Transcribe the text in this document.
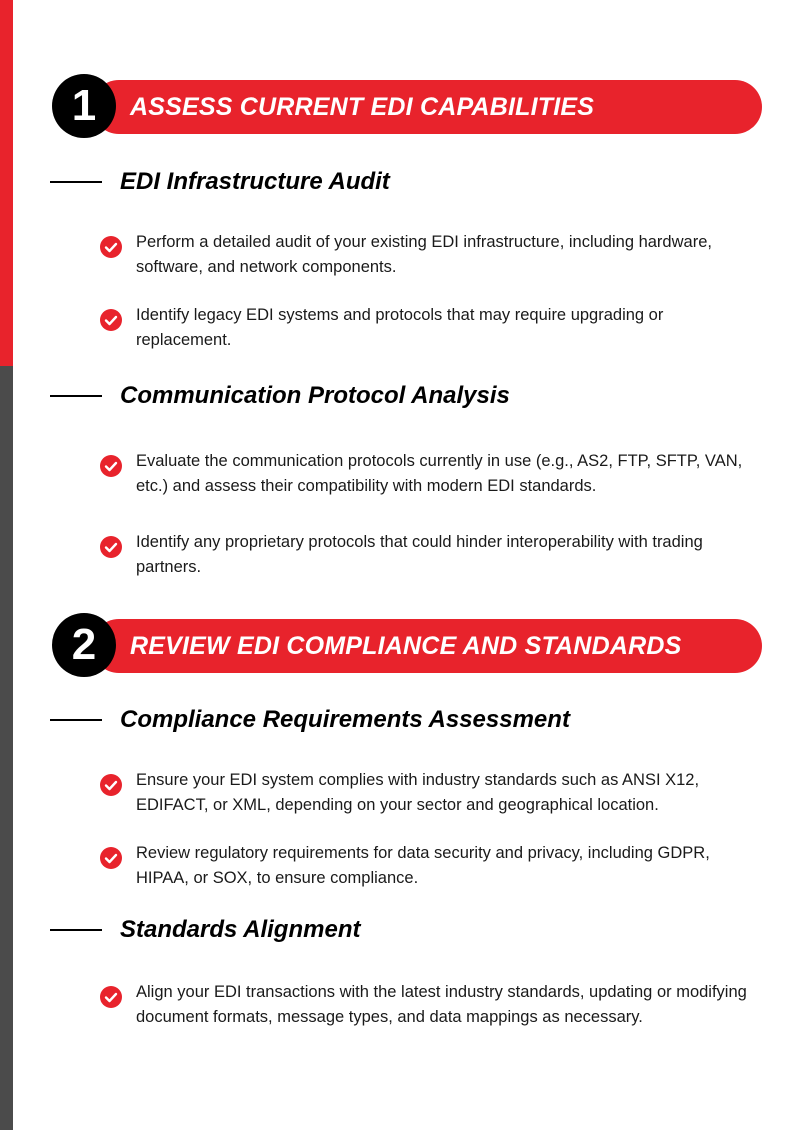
ASSESS CURRENT EDI CAPABILITIES
1
EDI Infrastructure Audit

Perform a detailed audit of your existing EDI infrastructure, including hardware, software, and network components.

Identify legacy EDI systems and protocols that may require upgrading or replacement.

Communication Protocol Analysis

Evaluate the communication protocols currently in use (e.g., AS2, FTP, SFTP, VAN, etc.) and assess their compatibility with modern EDI standards.

Identify any proprietary protocols that could hinder interoperability with trading partners.

REVIEW EDI COMPLIANCE AND STANDARDS
2
Compliance Requirements Assessment

Ensure your EDI system complies with industry standards such as ANSI X12, EDIFACT, or XML, depending on your sector and geographical location.

Review regulatory requirements for data security and privacy, including GDPR, HIPAA, or SOX, to ensure compliance.

Standards Alignment

Align your EDI transactions with the latest industry standards, updating or modifying document formats, message types, and data mappings as necessary.
